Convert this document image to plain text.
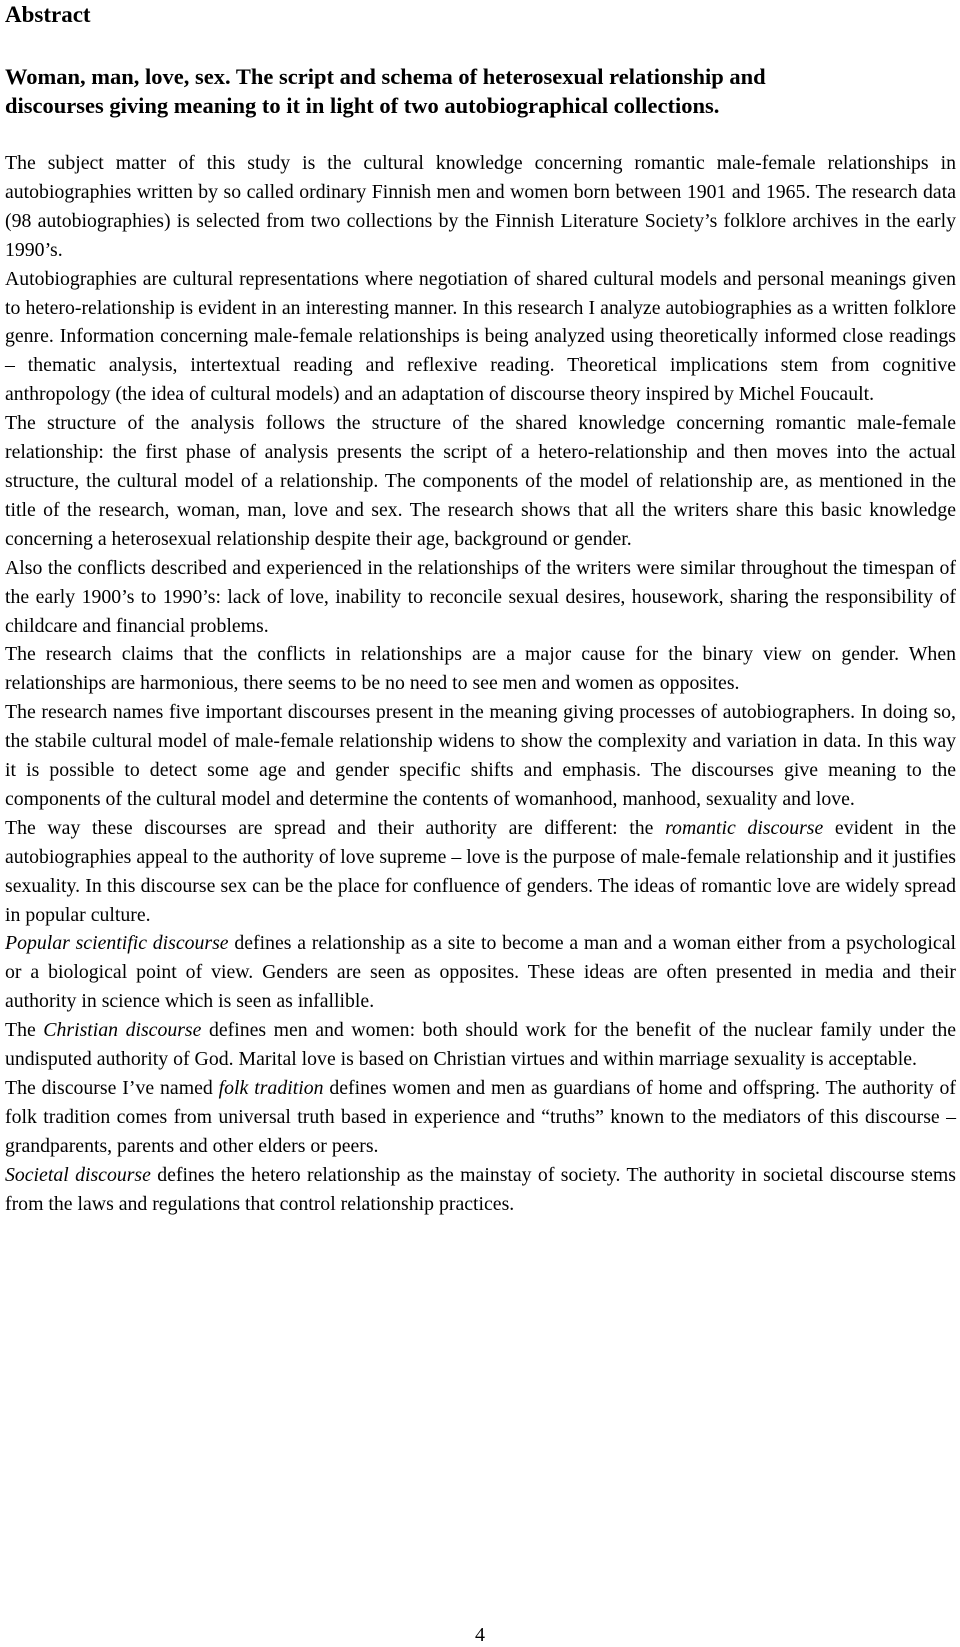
Abstract
Woman, man, love, sex. The script and schema of heterosexual relationship and
discourses giving meaning to it in light of two autobiographical collections.

The subject matter of this study is the cultural knowledge concerning romantic male-female relationships in autobiographies written by so called ordinary Finnish men and women born between 1901 and 1965. The research data (98 autobiographies) is selected from two collections by the Finnish Literature Society’s folklore archives in the early 1990’s.

Autobiographies are cultural representations where negotiation of shared cultural models and personal meanings given to hetero-relationship is evident in an interesting manner. In this research I analyze autobiographies as a written folklore genre. Information concerning male-female relationships is being analyzed using theoretically informed close readings – thematic analysis, intertextual reading and reflexive reading. Theoretical implications stem from cognitive anthropology (the idea of cultural models) and an adaptation of discourse theory inspired by Michel Foucault.

The structure of the analysis follows the structure of the shared knowledge concerning romantic male-female relationship: the first phase of analysis presents the script of a hetero-relationship and then moves into the actual structure, the cultural model of a relationship. The components of the model of relationship are, as mentioned in the title of the research, woman, man, love and sex. The research shows that all the writers share this basic knowledge concerning a heterosexual relationship despite their age, background or gender.

Also the conflicts described and experienced in the relationships of the writers were similar throughout the timespan of the early 1900’s to 1990’s: lack of love, inability to reconcile sexual desires, housework, sharing the responsibility of childcare and financial problems.

The research claims that the conflicts in relationships are a major cause for the binary view on gender. When relationships are harmonious, there seems to be no need to see men and women as opposites.

The research names five important discourses present in the meaning giving processes of autobiographers. In doing so, the stabile cultural model of male-female relationship widens to show the complexity and variation in data. In this way it is possible to detect some age and gender specific shifts and emphasis. The discourses give meaning to the components of the cultural model and determine the contents of womanhood, manhood, sexuality and love.

The way these discourses are spread and their authority are different: the romantic discourse evident in the autobiographies appeal to the authority of love supreme – love is the purpose of male-female relationship and it justifies sexuality. In this discourse sex can be the place for confluence of genders. The ideas of romantic love are widely spread in popular culture.

Popular scientific discourse defines a relationship as a site to become a man and a woman either from a psychological or a biological point of view. Genders are seen as opposites. These ideas are often presented in media and their authority in science which is seen as infallible.

The Christian discourse defines men and women: both should work for the benefit of the nuclear family under the undisputed authority of God. Marital love is based on Christian virtues and within marriage sexuality is acceptable.

The discourse I’ve named folk tradition defines women and men as guardians of home and offspring. The authority of folk tradition comes from universal truth based in experience and “truths” known to the mediators of this discourse – grandparents, parents and other elders or peers.

Societal discourse defines the hetero relationship as the mainstay of society. The authority in societal discourse stems from the laws and regulations that control relationship practices.

4
